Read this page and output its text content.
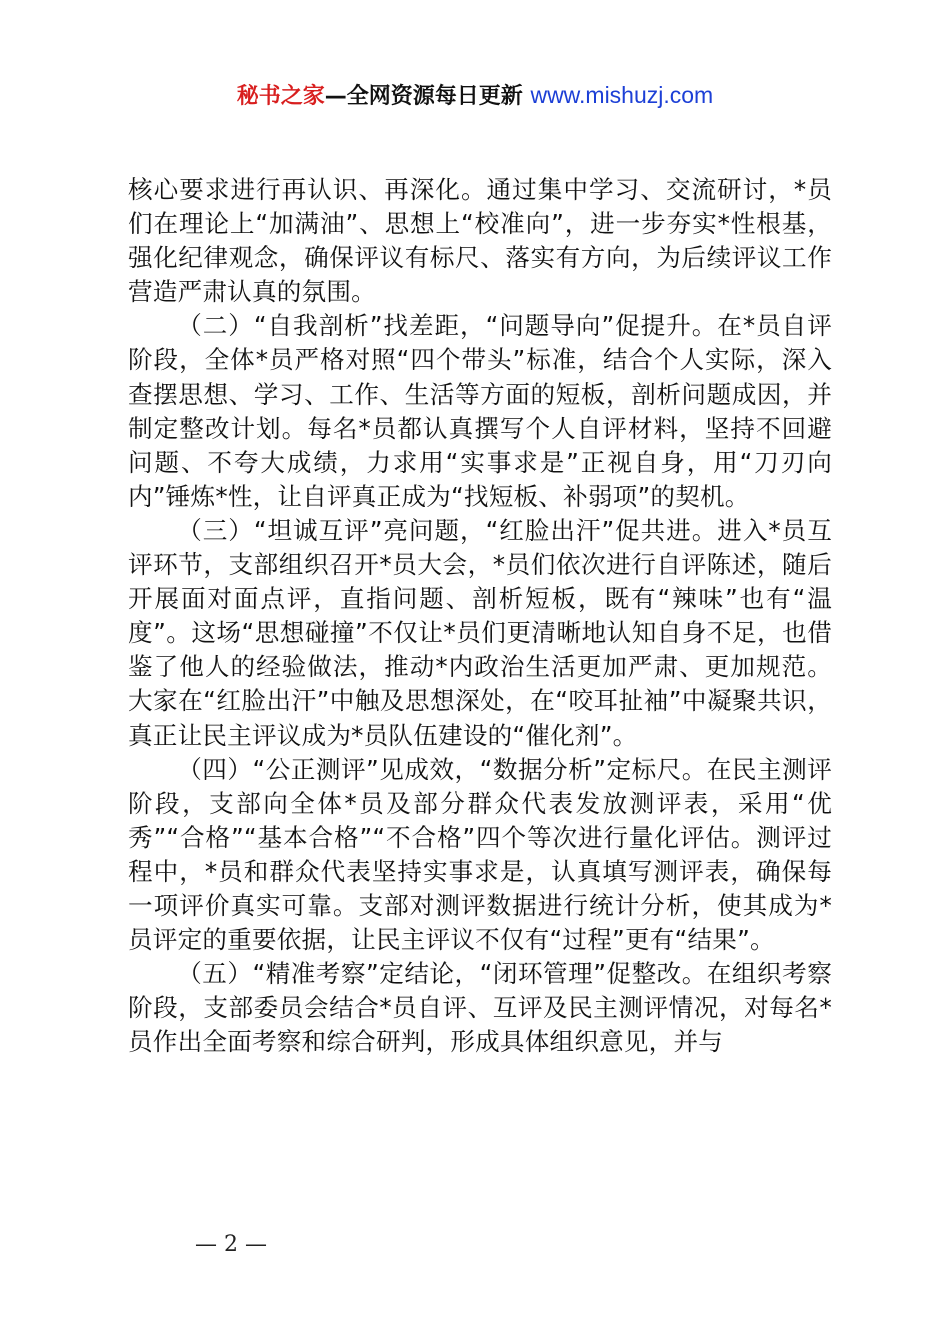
秘书之家—全网资源每日更新 www.mishuzj.com

核心要求进行再认识、再深化。通过集中学习、交流研讨，*员们在理论上“加满油”、思想上“校准向”，进一步夯实*性根基，强化纪律观念，确保评议有标尺、落实有方向，为后续评议工作营造严肃认真的氛围。

（二）“自我剖析”找差距，“问题导向”促提升。在*员自评阶段，全体*员严格对照“四个带头”标准，结合个人实际，深入查摆思想、学习、工作、生活等方面的短板，剖析问题成因，并制定整改计划。每名*员都认真撰写个人自评材料，坚持不回避问题、不夸大成绩，力求用“实事求是”正视自身，用“刀刃向内”锤炼*性，让自评真正成为“找短板、补弱项”的契机。

（三）“坦诚互评”亮问题，“红脸出汗”促共进。进入*员互评环节，支部组织召开*员大会，*员们依次进行自评陈述，随后开展面对面点评，直指问题、剖析短板，既有“辣味”也有“温度”。这场“思想碰撞”不仅让*员们更清晰地认知自身不足，也借鉴了他人的经验做法，推动*内政治生活更加严肃、更加规范。大家在“红脸出汗”中触及思想深处，在“咬耳扯袖”中凝聚共识，真正让民主评议成为*员队伍建设的“催化剂”。

（四）“公正测评”见成效，“数据分析”定标尺。在民主测评阶段，支部向全体*员及部分群众代表发放测评表，采用“优秀”“合格”“基本合格”“不合格”四个等次进行量化评估。测评过程中，*员和群众代表坚持实事求是，认真填写测评表，确保每一项评价真实可靠。支部对测评数据进行统计分析，使其成为*员评定的重要依据，让民主评议不仅有“过程”更有“结果”。

（五）“精准考察”定结论，“闭环管理”促整改。在组织考察阶段，支部委员会结合*员自评、互评及民主测评情况，对每名*员作出全面考察和综合研判，形成具体组织意见，并与

— 2 —
